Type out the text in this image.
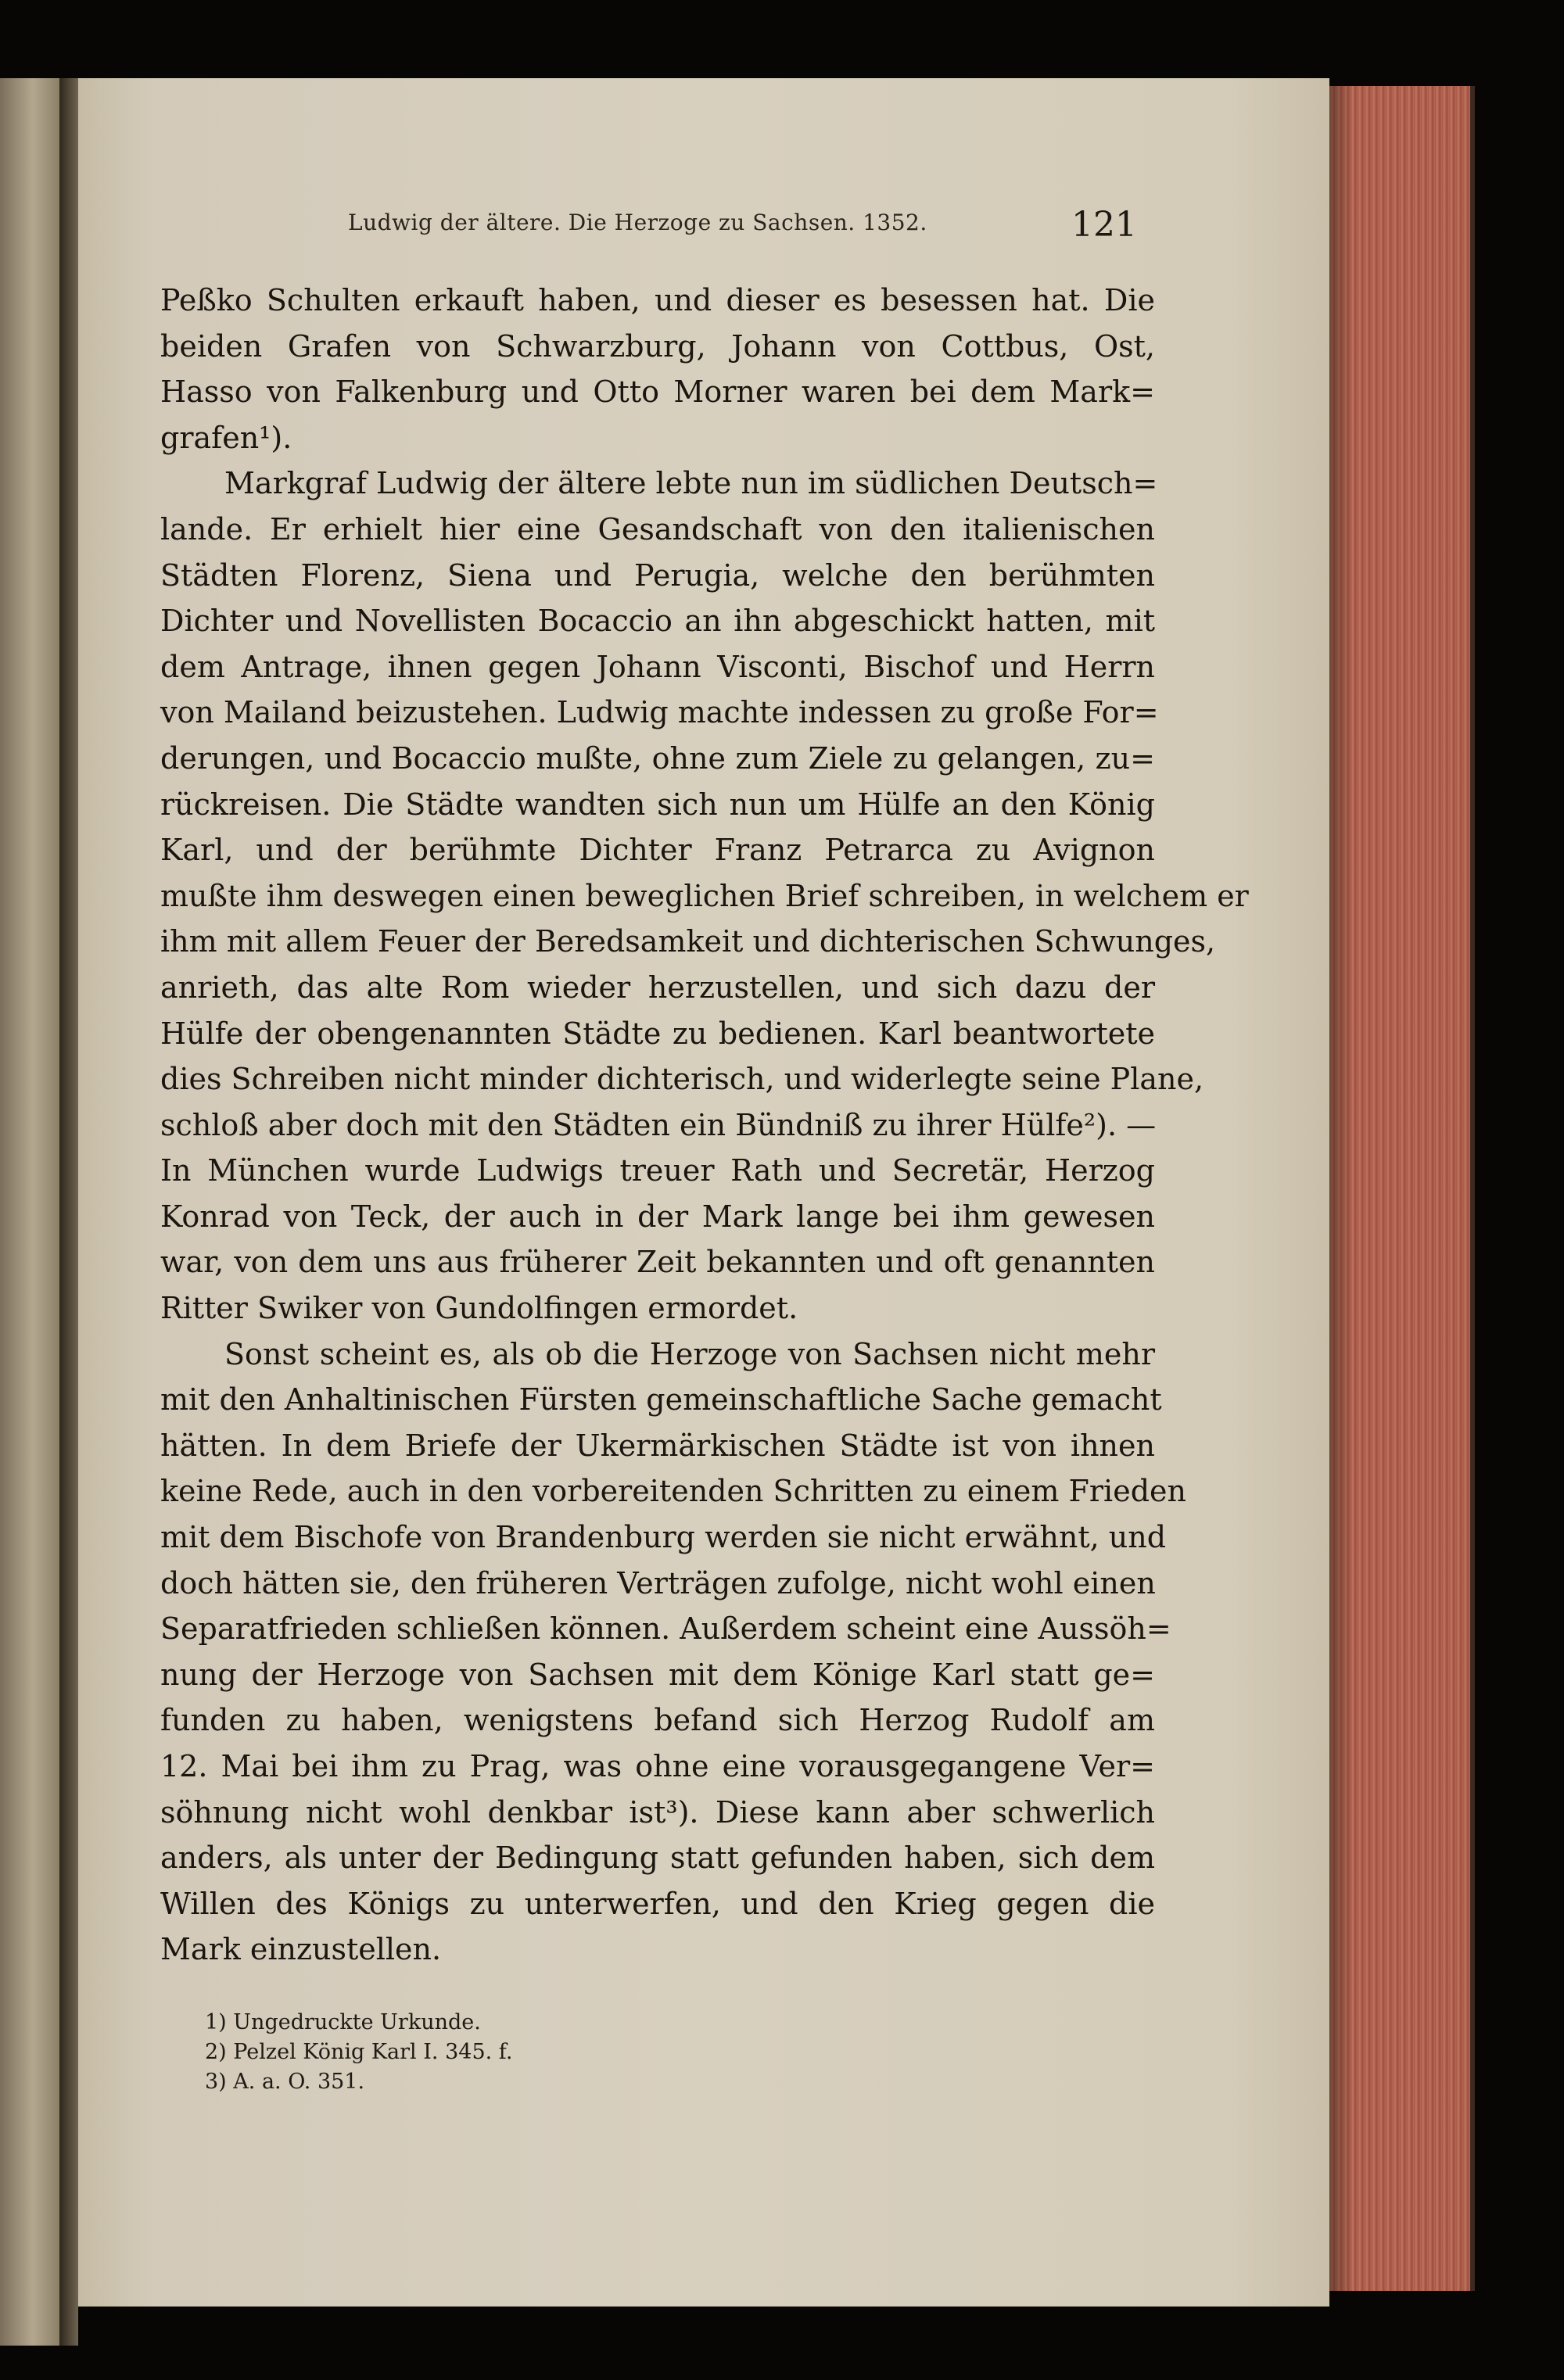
Ludwig der ältere. Die Herzoge zu Sachsen. 1352.	121
Peßko Schulten erkauft haben, und dieser es besessen hat. Die
beiden Grafen von Schwarzburg, Johann von Cottbus, Ost,
Hasso von Falkenburg und Otto Morner waren bei dem Mark=
grafen¹).
Markgraf Ludwig der ältere lebte nun im südlichen Deutsch=
lande. Er erhielt hier eine Gesandschaft von den italienischen
Städten Florenz, Siena und Perugia, welche den berühmten
Dichter und Novellisten Bocaccio an ihn abgeschickt hatten, mit
dem Antrage, ihnen gegen Johann Visconti, Bischof und Herrn
von Mailand beizustehen. Ludwig machte indessen zu große For=
derungen, und Bocaccio mußte, ohne zum Ziele zu gelangen, zu=
rückreisen. Die Städte wandten sich nun um Hülfe an den König
Karl, und der berühmte Dichter Franz Petrarca zu Avignon
mußte ihm deswegen einen beweglichen Brief schreiben, in welchem er
ihm mit allem Feuer der Beredsamkeit und dichterischen Schwunges,
anrieth, das alte Rom wieder herzustellen, und sich dazu der
Hülfe der obengenannten Städte zu bedienen. Karl beantwortete
dies Schreiben nicht minder dichterisch, und widerlegte seine Plane,
schloß aber doch mit den Städten ein Bündniß zu ihrer Hülfe²). —
In München wurde Ludwigs treuer Rath und Secretär, Herzog
Konrad von Teck, der auch in der Mark lange bei ihm gewesen
war, von dem uns aus früherer Zeit bekannten und oft genannten
Ritter Swiker von Gundolfingen ermordet.
Sonst scheint es, als ob die Herzoge von Sachsen nicht mehr
mit den Anhaltinischen Fürsten gemeinschaftliche Sache gemacht
hätten. In dem Briefe der Ukermärkischen Städte ist von ihnen
keine Rede, auch in den vorbereitenden Schritten zu einem Frieden
mit dem Bischofe von Brandenburg werden sie nicht erwähnt, und
doch hätten sie, den früheren Verträgen zufolge, nicht wohl einen
Separatfrieden schließen können. Außerdem scheint eine Aussöh=
nung der Herzoge von Sachsen mit dem Könige Karl statt ge=
funden zu haben, wenigstens befand sich Herzog Rudolf am
12. Mai bei ihm zu Prag, was ohne eine vorausgegangene Ver=
söhnung nicht wohl denkbar ist³). Diese kann aber schwerlich
anders, als unter der Bedingung statt gefunden haben, sich dem
Willen des Königs zu unterwerfen, und den Krieg gegen die
Mark einzustellen.
1) Ungedruckte Urkunde.
2) Pelzel König Karl I. 345. f.
3) A. a. O. 351.
